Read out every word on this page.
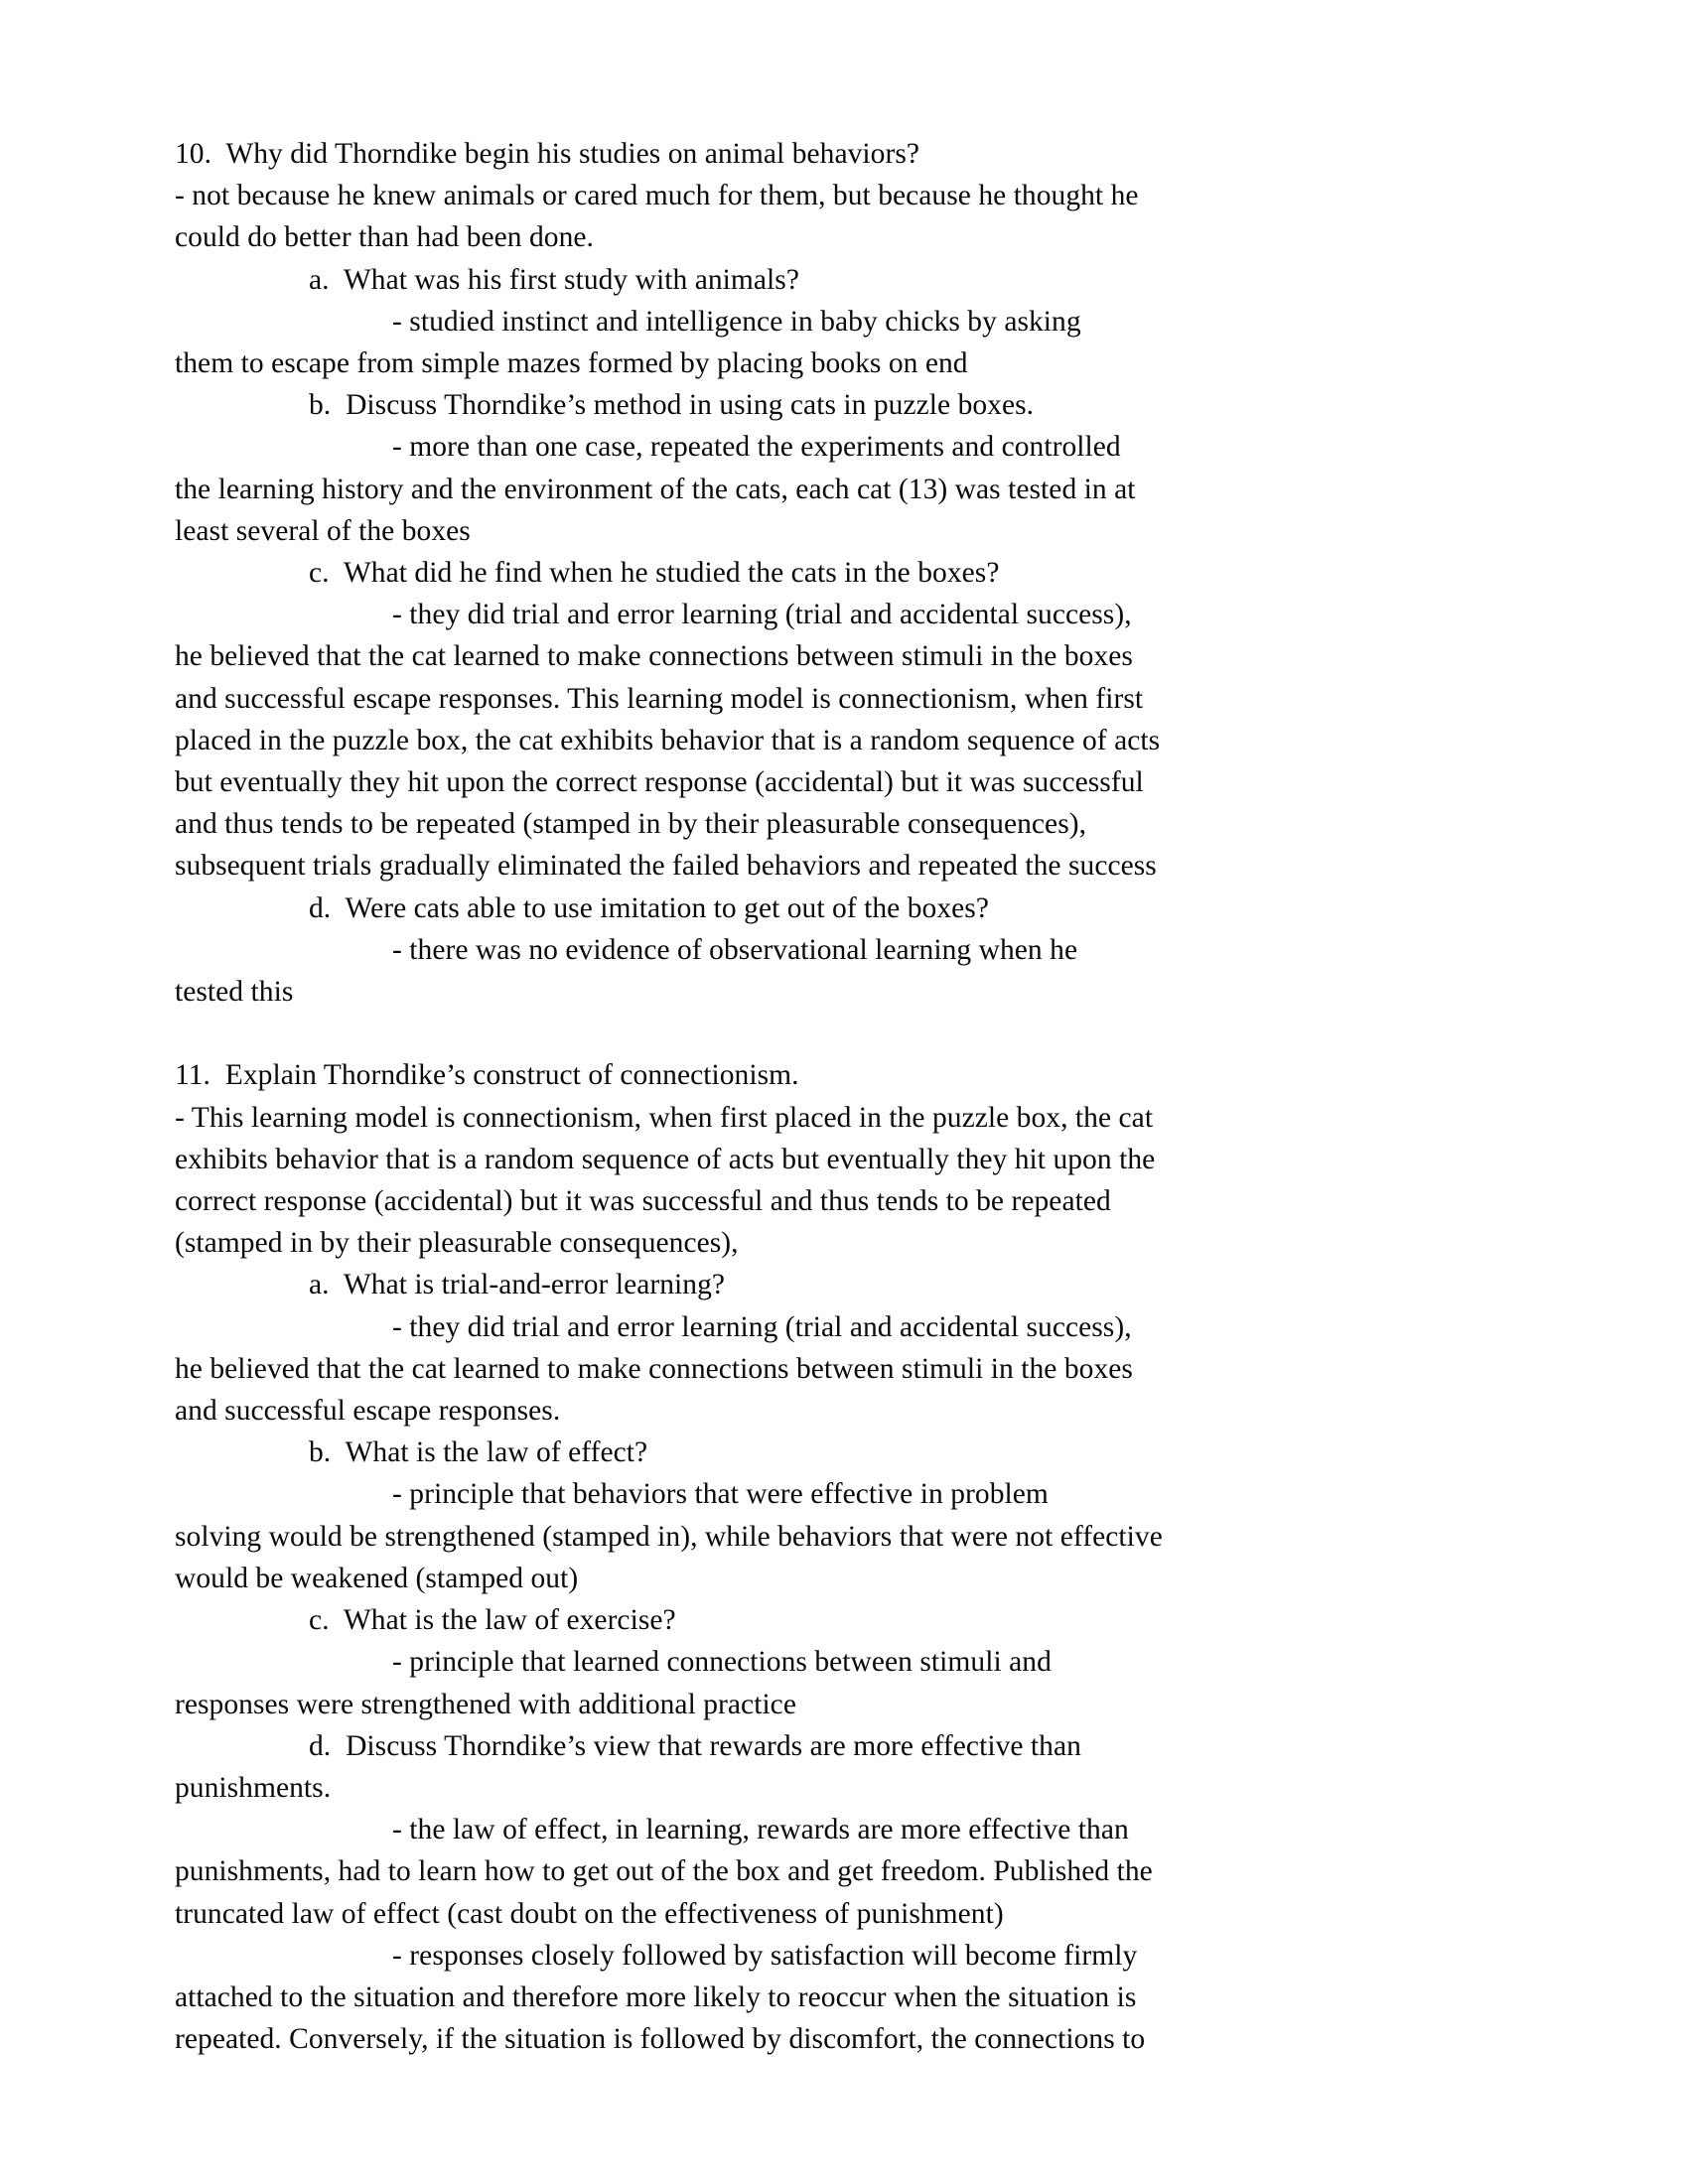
10.  Why did Thorndike begin his studies on animal behaviors?
- not because he knew animals or cared much for them, but because he thought he
could do better than had been done.
a.  What was his first study with animals?
- studied instinct and intelligence in baby chicks by asking
them to escape from simple mazes formed by placing books on end
b.  Discuss Thorndike’s method in using cats in puzzle boxes.
- more than one case, repeated the experiments and controlled
the learning history and the environment of the cats, each cat (13) was tested in at
least several of the boxes
c.  What did he find when he studied the cats in the boxes?
- they did trial and error learning (trial and accidental success),
he believed that the cat learned to make connections between stimuli in the boxes
and successful escape responses. This learning model is connectionism, when first
placed in the puzzle box, the cat exhibits behavior that is a random sequence of acts
but eventually they hit upon the correct response (accidental) but it was successful
and thus tends to be repeated (stamped in by their pleasurable consequences),
subsequent trials gradually eliminated the failed behaviors and repeated the success
d.  Were cats able to use imitation to get out of the boxes?
- there was no evidence of observational learning when he
tested this
11.  Explain Thorndike’s construct of connectionism.
- This learning model is connectionism, when first placed in the puzzle box, the cat
exhibits behavior that is a random sequence of acts but eventually they hit upon the
correct response (accidental) but it was successful and thus tends to be repeated
(stamped in by their pleasurable consequences),
a.  What is trial-and-error learning?
- they did trial and error learning (trial and accidental success),
he believed that the cat learned to make connections between stimuli in the boxes
and successful escape responses.
b.  What is the law of effect?
- principle that behaviors that were effective in problem
solving would be strengthened (stamped in), while behaviors that were not effective
would be weakened (stamped out)
c.  What is the law of exercise?
- principle that learned connections between stimuli and
responses were strengthened with additional practice
d.  Discuss Thorndike’s view that rewards are more effective than
punishments.
- the law of effect, in learning, rewards are more effective than
punishments, had to learn how to get out of the box and get freedom. Published the
truncated law of effect (cast doubt on the effectiveness of punishment)
- responses closely followed by satisfaction will become firmly
attached to the situation and therefore more likely to reoccur when the situation is
repeated. Conversely, if the situation is followed by discomfort, the connections to
